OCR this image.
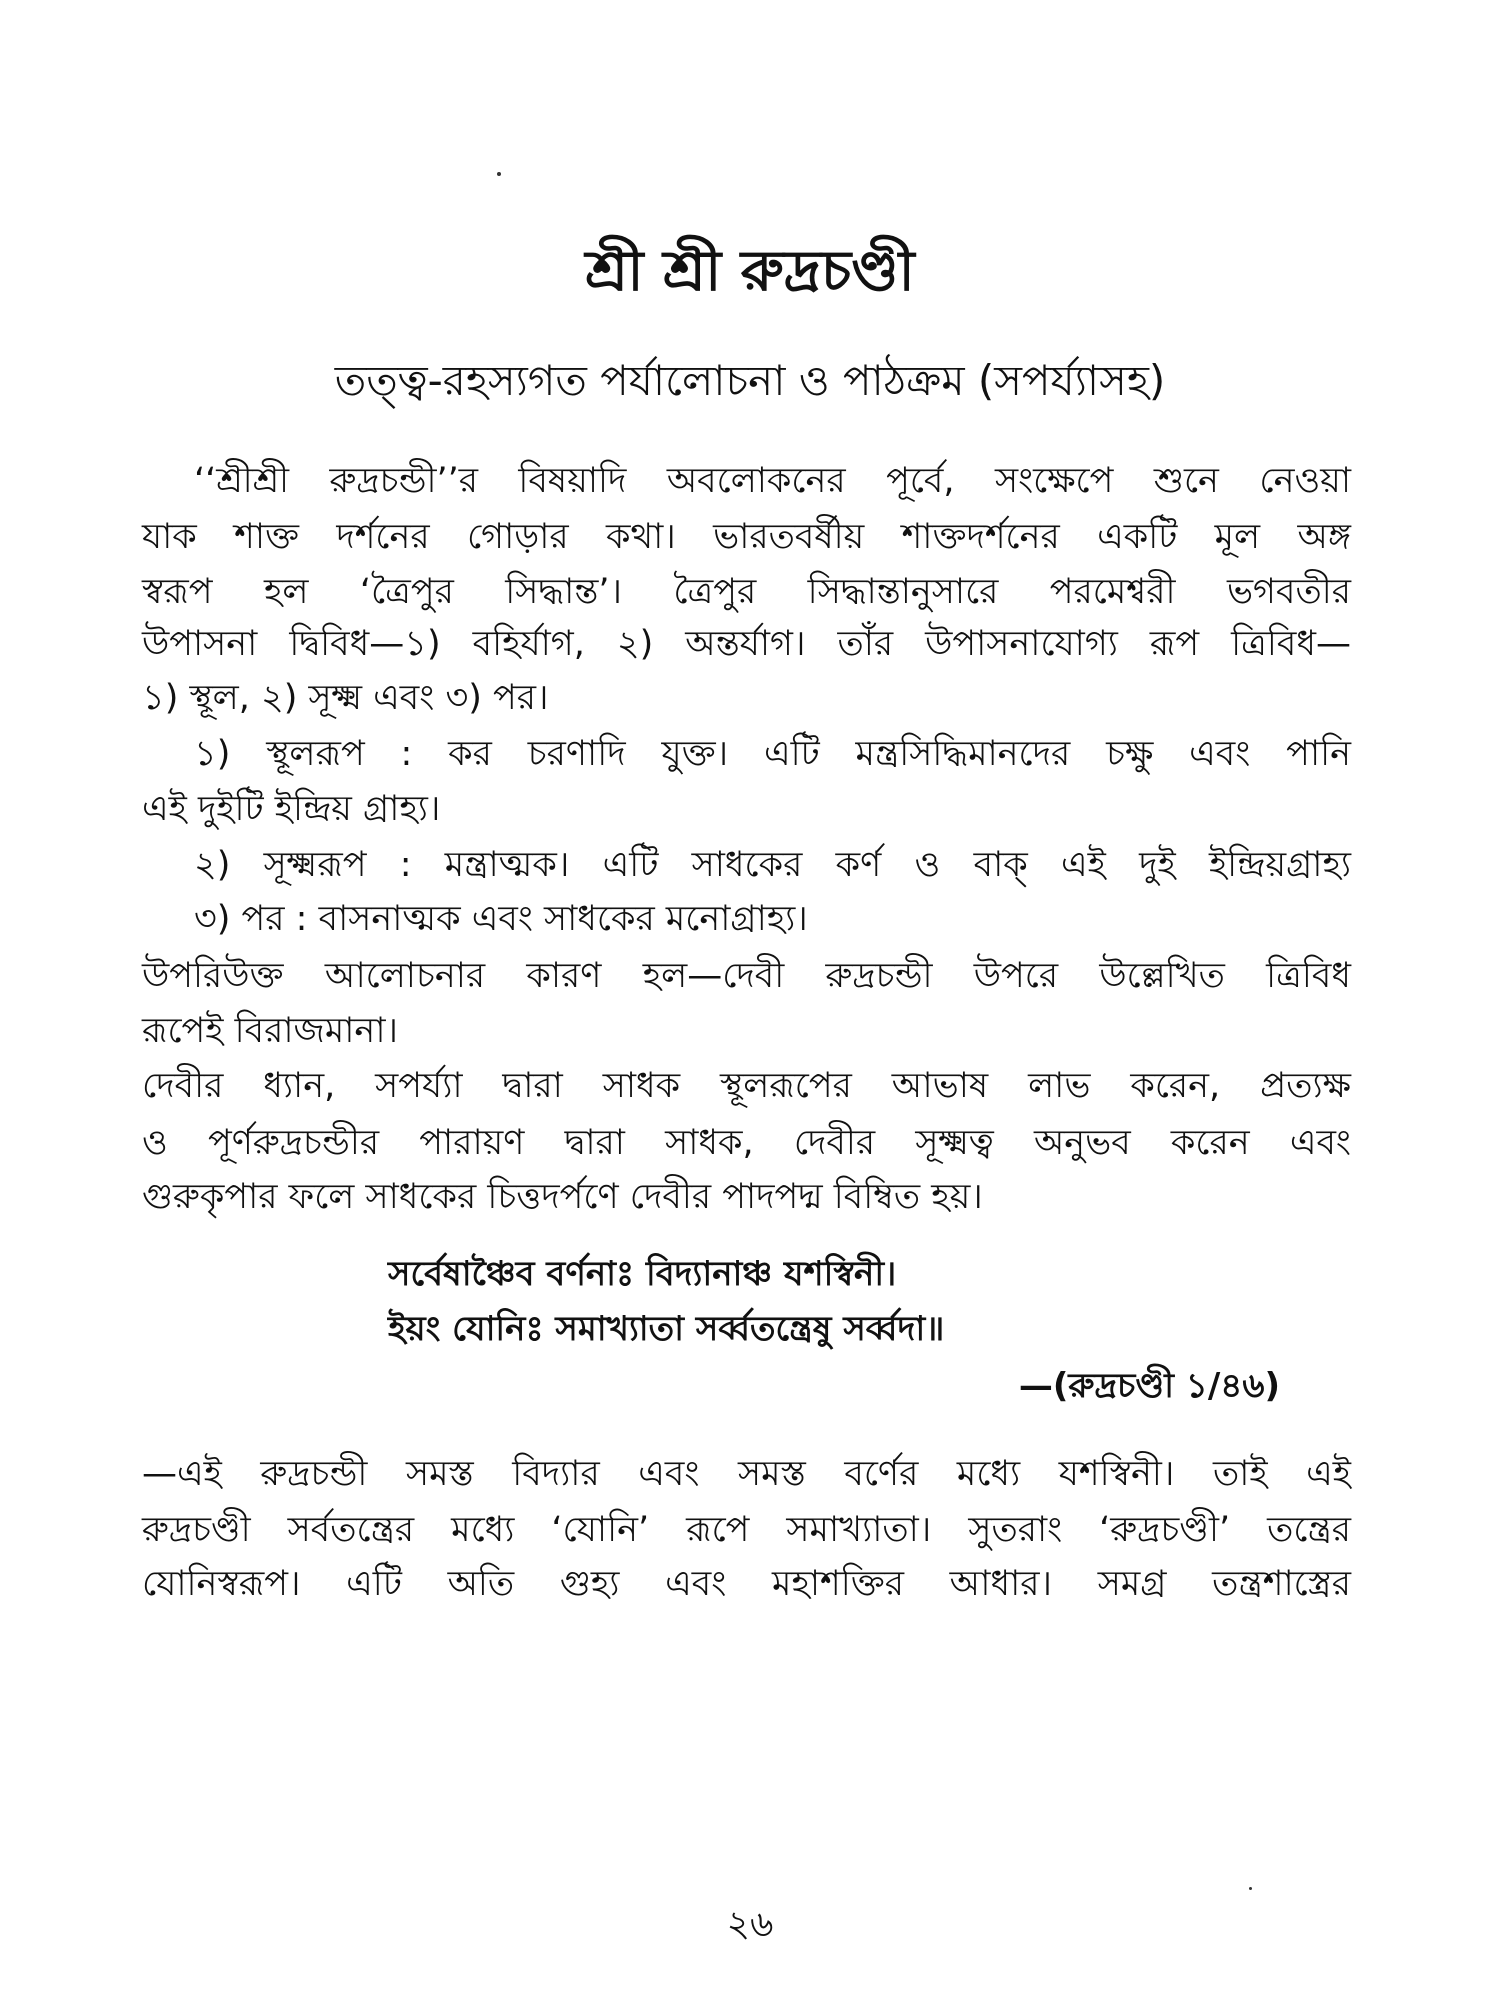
শ্রী শ্রী রুদ্রচণ্ডী
তত্ত্ব-রহস্যগত পর্যালোচনা ও পাঠক্রম (সপর্য্যাসহ)
‘‘শ্রীশ্রী রুদ্রচন্ডী’’র বিষয়াদি অবলোকনের পূর্বে, সংক্ষেপে শুনে নেওয়া
যাক শাক্ত দর্শনের গোড়ার কথা। ভারতবর্ষীয় শাক্তদর্শনের একটি মূল অঙ্গ
স্বরূপ হল ‘ত্রৈপুর সিদ্ধান্ত’। ত্রৈপুর সিদ্ধান্তানুসারে পরমেশ্বরী ভগবতীর
উপাসনা দ্বিবিধ—১) বহির্যাগ, ২) অন্তর্যাগ। তাঁর উপাসনাযোগ্য রূপ ত্রিবিধ—
১) স্থূল, ২) সূক্ষ্ম এবং ৩) পর।
১) স্থূলরূপ : কর চরণাদি যুক্ত। এটি মন্ত্রসিদ্ধিমানদের চক্ষু এবং পানি
এই দুইটি ইন্দ্রিয় গ্রাহ্য।
২) সূক্ষ্মরূপ : মন্ত্রাত্মক। এটি সাধকের কর্ণ ও বাক্ এই দুই ইন্দ্রিয়গ্রাহ্য
৩) পর : বাসনাত্মক এবং সাধকের মনোগ্রাহ্য।
উপরিউক্ত আলোচনার কারণ হল—দেবী রুদ্রচন্ডী উপরে উল্লেখিত ত্রিবিধ
রূপেই বিরাজমানা।
দেবীর ধ্যান, সপর্য্যা দ্বারা সাধক স্থূলরূপের আভাষ লাভ করেন, প্রত্যক্ষ
ও পূর্ণরুদ্রচন্ডীর পারায়ণ দ্বারা সাধক, দেবীর সূক্ষ্মত্ব অনুভব করেন এবং
গুরুকৃপার ফলে সাধকের চিত্তদর্পণে দেবীর পাদপদ্ম বিম্বিত হয়।
সর্বেষাঞ্চৈব বর্ণনাঃ বিদ্যানাঞ্চ যশস্বিনী।
ইয়ং যোনিঃ সমাখ্যাতা সর্ব্বতন্ত্রেষু সর্ব্বদা॥
—(রুদ্রচণ্ডী ১/৪৬)
—এই রুদ্রচন্ডী সমস্ত বিদ্যার এবং সমস্ত বর্ণের মধ্যে যশস্বিনী। তাই এই
রুদ্রচণ্ডী সর্বতন্ত্রের মধ্যে ‘যোনি’ রূপে সমাখ্যাতা। সুতরাং ‘রুদ্রচণ্ডী’ তন্ত্রের
যোনিস্বরূপ। এটি অতি গুহ্য এবং মহাশক্তির আধার। সমগ্র তন্ত্রশাস্ত্রের
২৬
